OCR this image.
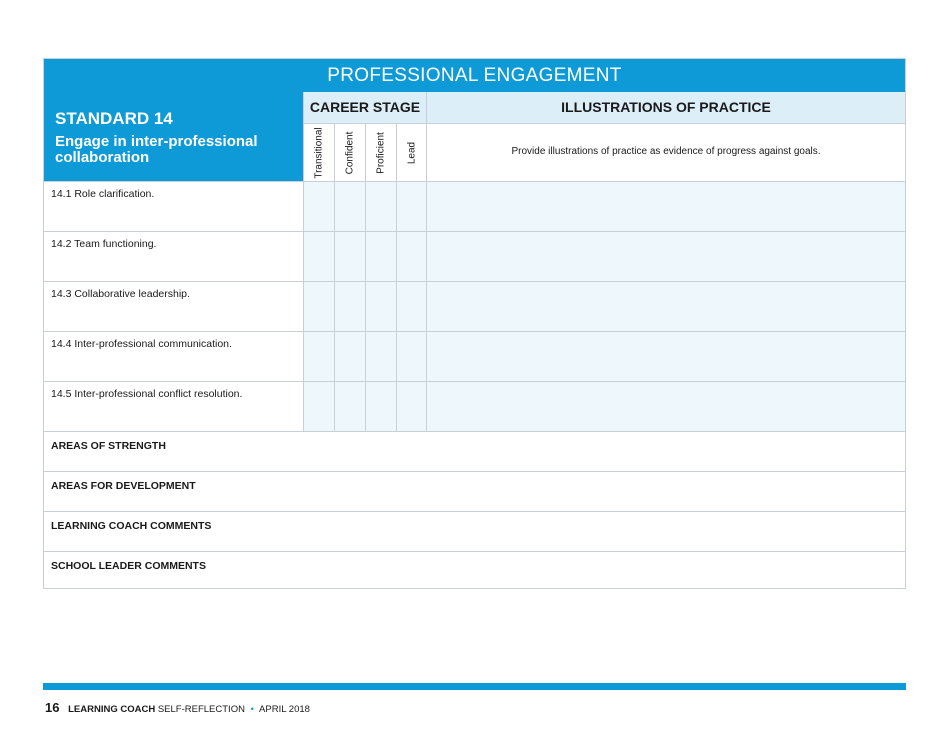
PROFESSIONAL ENGAGEMENT
STANDARD 14
Engage in inter-professional collaboration
CAREER STAGE	ILLUSTRATIONS OF PRACTICE
Transitional Confident Proficient Lead	Provide illustrations of practice as evidence of progress against goals.
14.1 Role clarification.
14.2 Team functioning.
14.3 Collaborative leadership.
14.4 Inter-professional communication.
14.5 Inter-professional conflict resolution.
AREAS OF STRENGTH
AREAS FOR DEVELOPMENT
LEARNING COACH COMMENTS
SCHOOL LEADER COMMENTS
16 LEARNING COACH SELF-REFLECTION • APRIL 2018
